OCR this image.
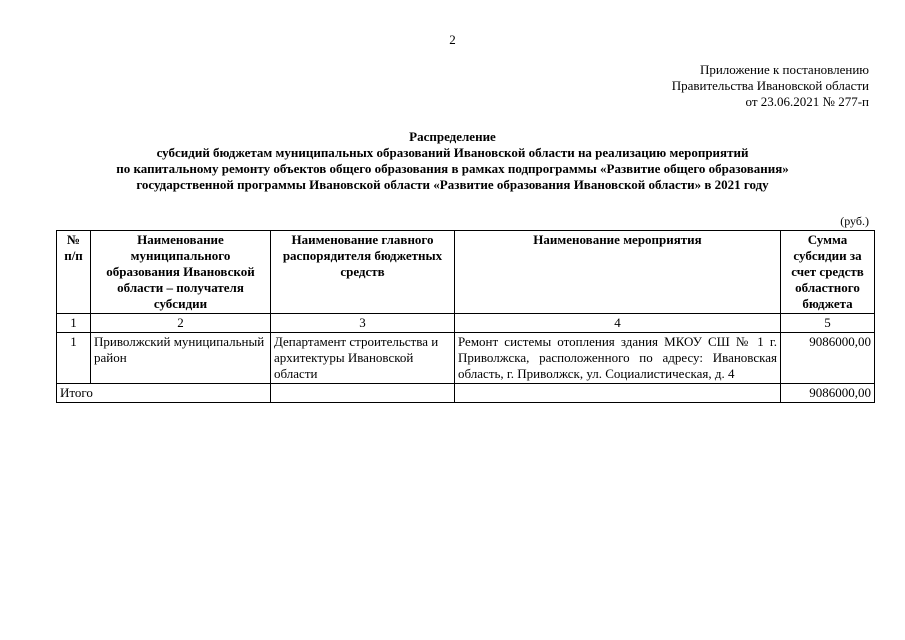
2
Приложение к постановлению
Правительства Ивановской области
от 23.06.2021 № 277-п
Распределение
субсидий бюджетам муниципальных образований Ивановской области на реализацию мероприятий
по капитальному ремонту объектов общего образования в рамках подпрограммы «Развитие общего образования»
государственной программы Ивановской области «Развитие образования Ивановской области» в 2021 году
(руб.)
№ п/п	Наименование муниципального образования Ивановской области – получателя субсидии	Наименование главного распорядителя бюджетных средств	Наименование мероприятия	Сумма субсидии за счет средств областного бюджета
1	2	3	4	5
1	Приволжский муниципальный район	Департамент строительства и архитектуры Ивановской области	Ремонт системы отопления здания МКОУ СШ № 1 г. Приволжска, расположенного по адресу: Ивановская область, г. Приволжск, ул. Социалистическая, д. 4	9086000,00
Итого				9086000,00
